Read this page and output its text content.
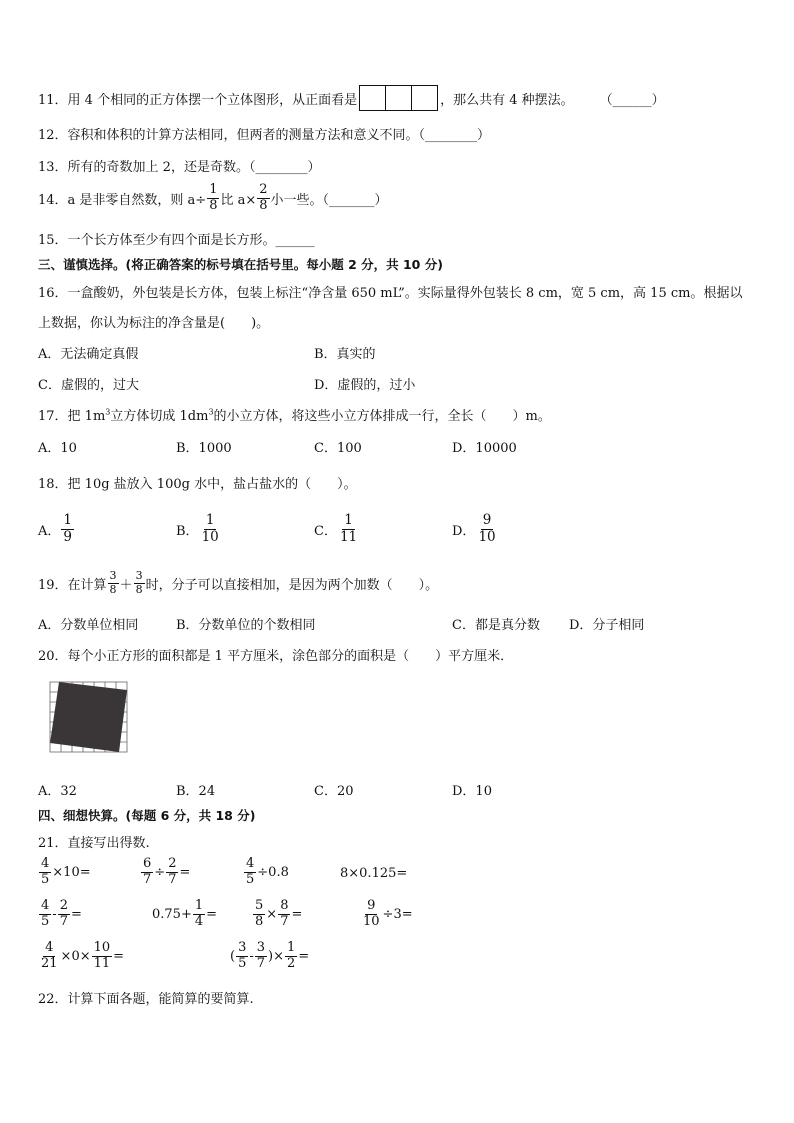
11．用 4 个相同的正方体摆一个立体图形，从正面看是	，那么共有 4 种摆法。 （______）
12．容积和体积的计算方法相同，但两者的测量方法和意义不同。（________）
13．所有的奇数加上 2，还是奇数。（________）
14．a 是非零自然数，则 $a\div \frac{1}{8}$ 比 $a\times \frac{2}{8}$ 小一些。（_______）
15．一个长方体至少有四个面是长方形。______
三、谨慎选择。(将正确答案的标号填在括号里。每小题 2 分，共 10 分)
16．一盒酸奶，外包装是长方体，包装上标注“净含量 650 mL”。实际量得外包装长 8 cm，宽 5 cm，高 15 cm。根据以
上数据，你认为标注的净含量是(　　)。
A．无法确定真假	B．真实的
C．虚假的，过大	D．虚假的，过小
17．把 $1m^3$立方体切成 $1dm^3$的小立方体，将这些小立方体排成一行，全长（　　）m。
A．10	B．1000	C．100	D．10000
18．把 10g 盐放入 100g 水中，盐占盐水的（　　）。
A． $\frac{1}{9}$	B． $\frac{1}{10}$	C． $\frac{1}{11}$	D． $\frac{9}{10}$
19．在计算 $\frac{3}{8} + \frac{3}{8}$ 时，分子可以直接相加，是因为两个加数（　　）。
A．分数单位相同	B．分数单位的个数相同	C．都是真分数 D．分子相同
20．每个小正方形的面积都是 1 平方厘米，涂色部分的面积是（　　）平方厘米．
A．32	B．24	C．20	D．10
四、细想快算。(每题 6 分，共 18 分)
21．直接写出得数.
$\frac{4}{5} \times 10=$	$\frac{6}{7} \div \frac{2}{7}$ =	$\frac{4}{5} \div 0.8$	8×0.125=
$\frac{4}{5} - \frac{2}{7}$ =	$0.75+ \frac{1}{4}$ =	$\frac{5}{8} \times \frac{8}{7}$ =	$\frac{9}{10} \div 3=$
$\frac{4}{21} \times 0\times \frac{10}{11}$ =	( $\frac{3}{5} - \frac{3}{7}$ )× $\frac{1}{2}$ =
22．计算下面各题，能简算的要简算.
